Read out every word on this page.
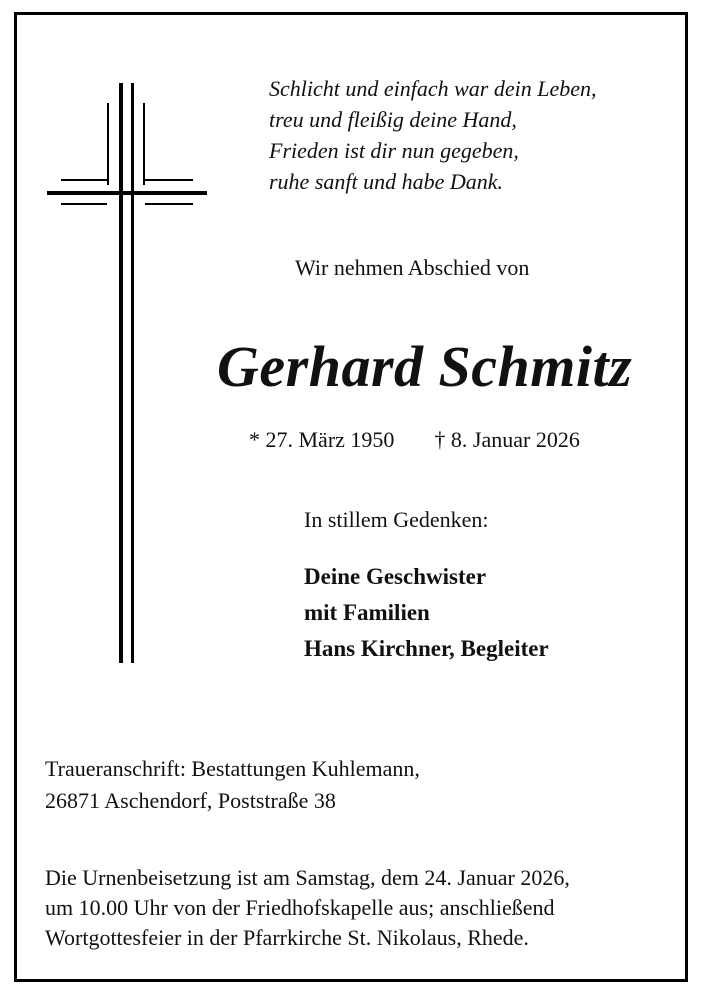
Schlicht und einfach war dein Leben,
treu und fleißig deine Hand,
Frieden ist dir nun gegeben,
ruhe sanft und habe Dank.
Wir nehmen Abschied von
Gerhard Schmitz
* 27. März 1950 † 8. Januar 2026
In stillem Gedenken:
Deine Geschwister
mit Familien
Hans Kirchner, Begleiter
Traueranschrift: Bestattungen Kuhlemann,
26871 Aschendorf, Poststraße 38
Die Urnenbeisetzung ist am Samstag, dem 24. Januar 2026,
um 10.00 Uhr von der Friedhofskapelle aus; anschließend
Wortgottesfeier in der Pfarrkirche St. Nikolaus, Rhede.
